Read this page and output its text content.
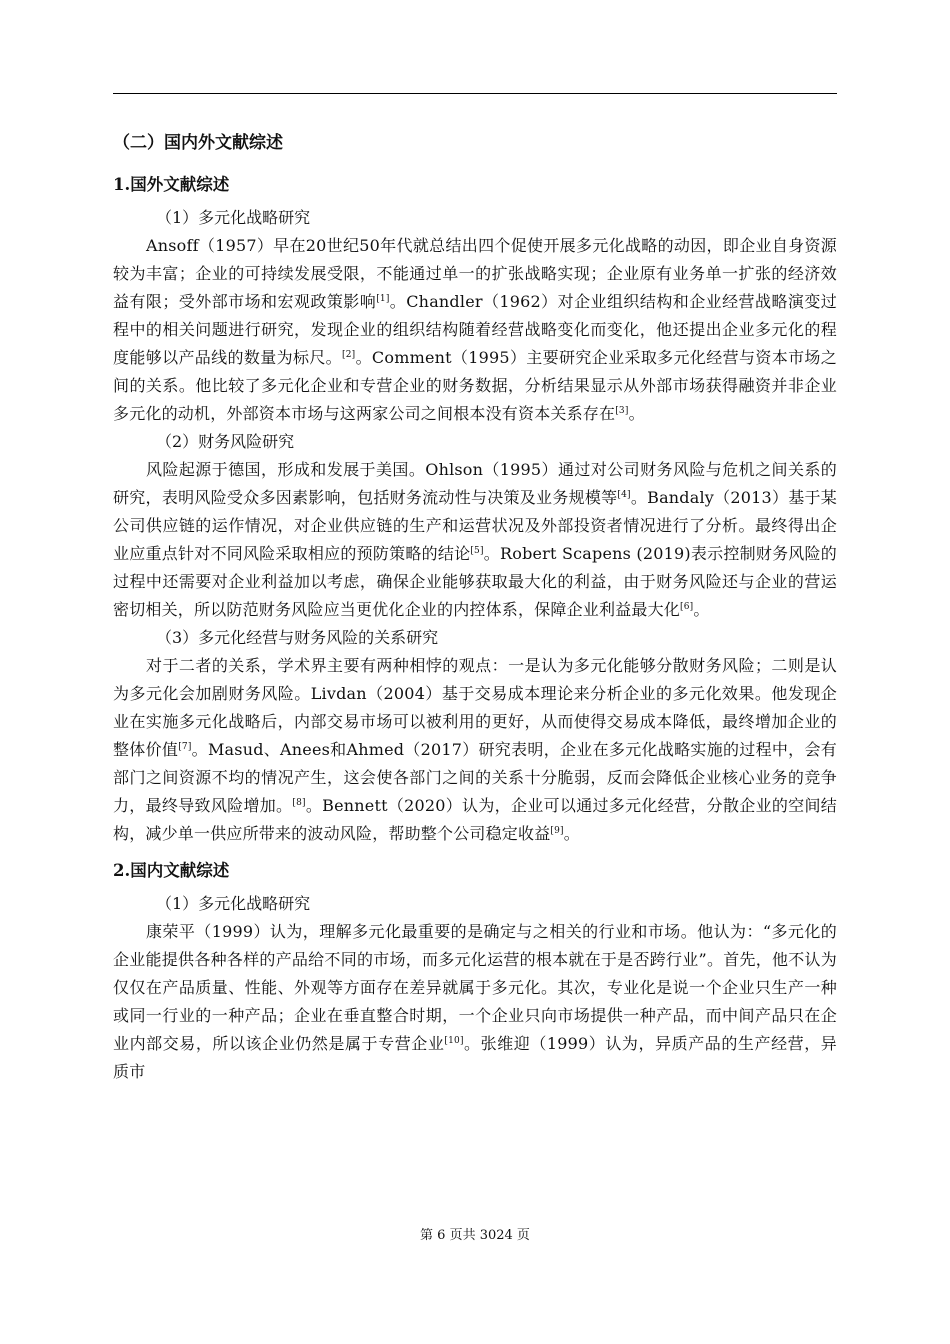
（二）国内外文献综述
1.国外文献综述
（1）多元化战略研究

Ansoff（1957）早在20世纪50年代就总结出四个促使开展多元化战略的动因，即企业自身资源较为丰富；企业的可持续发展受限，不能通过单一的扩张战略实现；企业原有业务单一扩张的经济效益有限；受外部市场和宏观政策影响[1]。Chandler（1962）对企业组织结构和企业经营战略演变过程中的相关问题进行研究，发现企业的组织结构随着经营战略变化而变化，他还提出企业多元化的程度能够以产品线的数量为标尺。[2]。Comment（1995）主要研究企业采取多元化经营与资本市场之间的关系。他比较了多元化企业和专营企业的财务数据，分析结果显示从外部市场获得融资并非企业多元化的动机，外部资本市场与这两家公司之间根本没有资本关系存在[3]。

（2）财务风险研究

风险起源于德国，形成和发展于美国。Ohlson（1995）通过对公司财务风险与危机之间关系的研究，表明风险受众多因素影响，包括财务流动性与决策及业务规模等[4]。Bandaly（2013）基于某公司供应链的运作情况，对企业供应链的生产和运营状况及外部投资者情况进行了分析。最终得出企业应重点针对不同风险采取相应的预防策略的结论[5]。Robert Scapens (2019)表示控制财务风险的过程中还需要对企业利益加以考虑，确保企业能够获取最大化的利益，由于财务风险还与企业的营运密切相关，所以防范财务风险应当更优化企业的内控体系，保障企业利益最大化[6]。

（3）多元化经营与财务风险的关系研究

对于二者的关系，学术界主要有两种相悖的观点：一是认为多元化能够分散财务风险；二则是认为多元化会加剧财务风险。Livdan（2004）基于交易成本理论来分析企业的多元化效果。他发现企业在实施多元化战略后，内部交易市场可以被利用的更好，从而使得交易成本降低，最终增加企业的整体价值[7]。Masud、Anees和Ahmed（2017）研究表明，企业在多元化战略实施的过程中，会有部门之间资源不均的情况产生，这会使各部门之间的关系十分脆弱，反而会降低企业核心业务的竞争力，最终导致风险增加。[8]。Bennett（2020）认为，企业可以通过多元化经营，分散企业的空间结构，减少单一供应所带来的波动风险，帮助整个公司稳定收益[9]。

2.国内文献综述
（1）多元化战略研究

康荣平（1999）认为，理解多元化最重要的是确定与之相关的行业和市场。他认为：“多元化的企业能提供各种各样的产品给不同的市场，而多元化运营的根本就在于是否跨行业”。首先，他不认为仅仅在产品质量、性能、外观等方面存在差异就属于多元化。其次，专业化是说一个企业只生产一种或同一行业的一种产品；企业在垂直整合时期，一个企业只向市场提供一种产品，而中间产品只在企业内部交易，所以该企业仍然是属于专营企业[10]。张维迎（1999）认为，异质产品的生产经营，异质市

第 6 页共 3024 页
